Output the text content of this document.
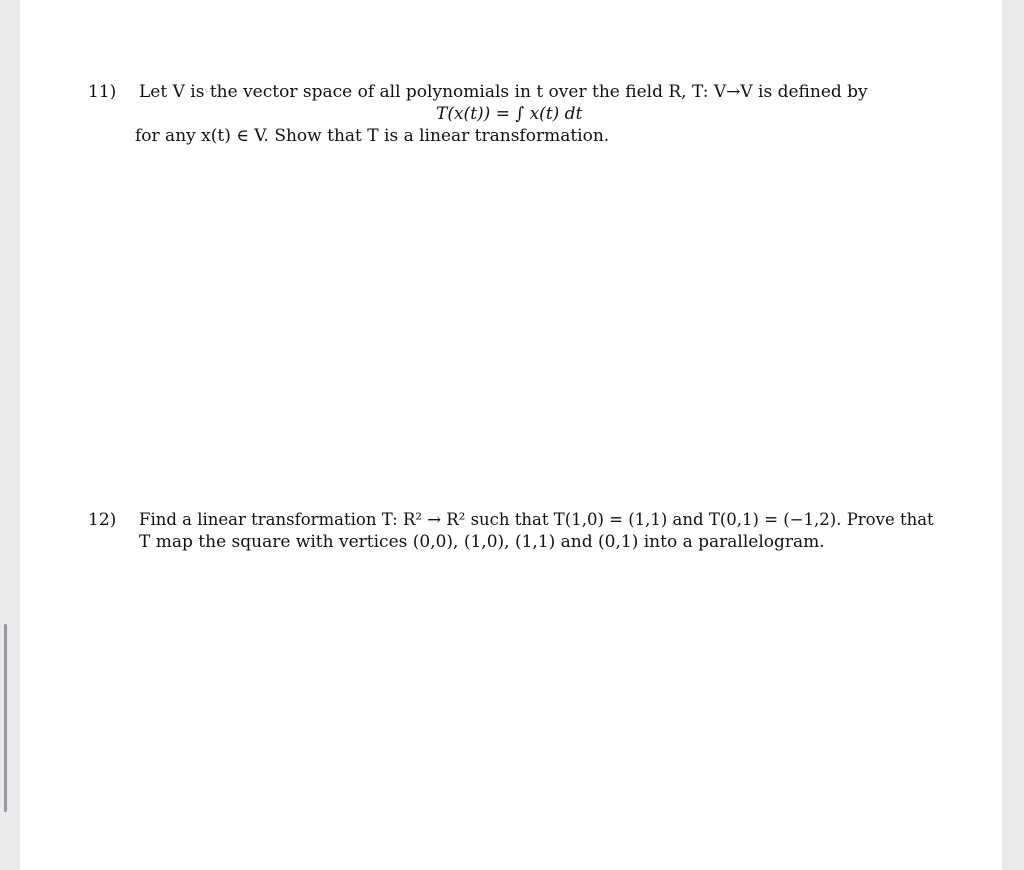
11) Let V is the vector space of all polynomials in t over the field R, T: V→V is defined by
T(x(t)) = ∫ x(t) dt
for any x(t) ∈ V. Show that T is a linear transformation.
12) Find a linear transformation T: R² → R² such that T(1,0) = (1,1) and T(0,1) = (−1,2). Prove that
T map the square with vertices (0,0), (1,0), (1,1) and (0,1) into a parallelogram.
